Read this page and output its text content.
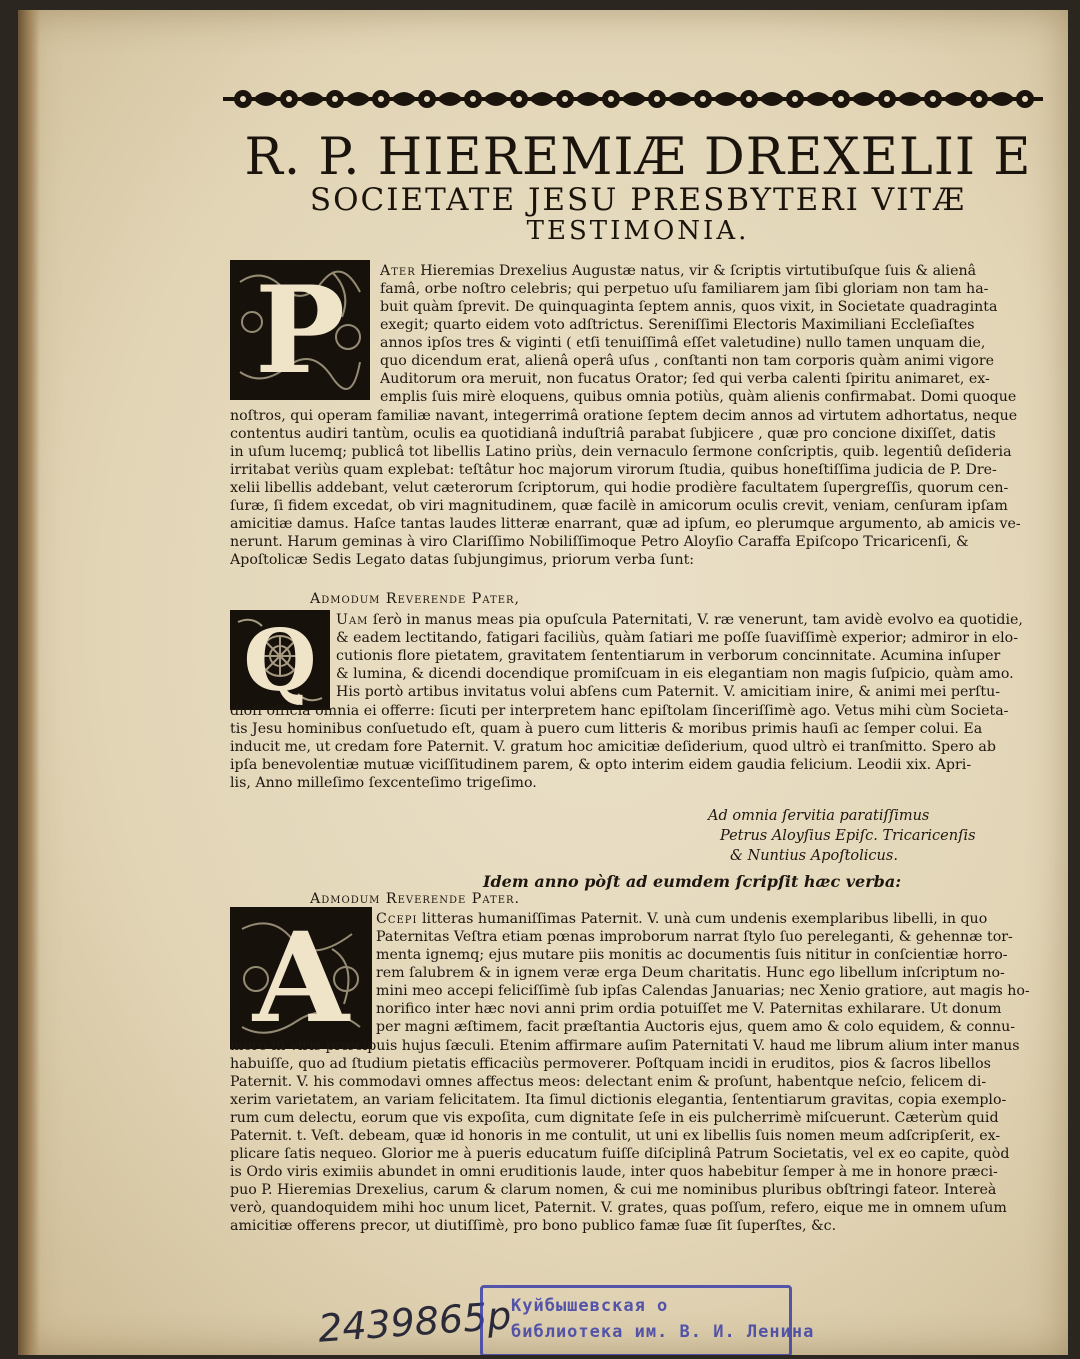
R. P. HIEREMIÆ DREXELII E
SOCIETATE JESU PRESBYTERI VITÆ
TESTIMONIA.
P
Q
A
Ater Hieremias Drexelius Augustæ natus, vir & ſcriptis virtutibuſque ſuis & alienâ
famâ, orbe noſtro celebris; qui perpetuo uſu familiarem jam ſibi gloriam non tam ha-
buit quàm ſprevit. De quinquaginta ſeptem annis, quos vixit, in Societate quadraginta
exegit; quarto eidem voto adſtrictus. Sereniſſimi Electoris Maximiliani Eccleſiaſtes
annos ipſos tres & viginti ( etſi tenuiſſimâ eſſet valetudine) nullo tamen unquam die,
quo dicendum erat, alienâ operâ uſus , conſtanti non tam corporis quàm animi vigore
Auditorum ora meruit, non fucatus Orator; ſed qui verba calenti ſpiritu animaret, ex-
emplis ſuis mirè eloquens, quibus omnia potiùs, quàm alienis confirmabat. Domi quoque
noſtros, qui operam familiæ navant, integerrimâ oratione ſeptem decim annos ad virtutem adhortatus, neque
contentus audiri tantùm, oculis ea quotidianâ induſtriâ parabat ſubjicere , quæ pro concione dixiſſet, datis
in uſum lucemq; publicâ tot libellis Latino priùs, dein vernaculo ſermone conſcriptis, quib. legentiû deſideria
irritabat veriùs quam explebat: teſtâtur hoc majorum virorum ſtudia, quibus honeſtiſſima judicia de P. Dre-
xelii libellis addebant, velut cæterorum ſcriptorum, qui hodie prodière facultatem ſupergreſſis, quorum cen-
ſuræ, ſi fidem excedat, ob viri magnitudinem, quæ facilè in amicorum oculis crevit, veniam, cenſuram ipſam
amicitiæ damus. Haſce tantas laudes litteræ enarrant, quæ ad ipſum, eo plerumque argumento, ab amicis ve-
nerunt. Harum geminas à viro Clariſſimo Nobiliſſimoque Petro Aloyſio Caraffa Epiſcopo Tricaricenſi, &
Apoſtolicæ Sedis Legato datas ſubjungimus, priorum verba ſunt:
Admodum Reverende Pater,
Uam ſerò in manus meas pia opuſcula Paternitati, V. ræ venerunt, tam avidè evolvo ea quotidie,
& eadem lectitando, fatigari faciliùs, quàm ſatiari me poſſe ſuaviſſimè experior; admiror in elo-
cutionis flore pietatem, gravitatem ſententiarum in verborum concinnitate. Acumina inſuper
& lumina, & dicendi docendique promiſcuam in eis elegantiam non magis ſuſpicio, quàm amo.
His portò artibus invitatus volui abſens cum Paternit. V. amicitiam inire, & animi mei perſtu-
dioſi officia omnia ei offerre: ſicuti per interpretem hanc epiſtolam ſinceriſſimè ago. Vetus mihi cùm Societa-
tis Jesu hominibus conſuetudo eſt, quam à puero cum litteris & moribus primis hauſi ac ſemper colui. Ea
inducit me, ut credam fore Paternit. V. gratum hoc amicitiæ deſiderium, quod ultrò ei tranſmitto. Spero ab
ipſa benevolentiæ mutuæ viciſſitudinem parem, & opto interim eidem gaudia felicium. Leodii xix. Apri-
lis, Anno milleſimo ſexcenteſimo trigeſimo.
Ad omnia ſervitia paratiſſimus
Petrus Aloyſius Epiſc. Tricaricenſis
& Nuntius Apoſtolicus.
Idem anno pòſt ad eumdem ſcripſit hæc verba:
Admodum Reverende Pater.
Ccepi litteras humaniſſimas Paternit. V. unà cum undenis exemplaribus libelli, in quo
Paternitas Veſtra etiam pœnas improborum narrat ſtylo ſuo pereleganti, & gehennæ tor-
menta ignemq; ejus mutare piis monitis ac documentis ſuis nititur in conſcientiæ horro-
rem ſalubrem & in ignem veræ erga Deum charitatis. Hunc ego libellum inſcriptum no-
mini meo accepi feliciſſimè ſub ipſas Calendas Januarias; nec Xenio gratiore, aut magis ho-
norifico inter hæc novi anni prim ordia potuiſſet me V. Paternitas exhilarare. Ut donum
per magni æſtimem, facit præſtantia Auctoris ejus, quem amo & colo equidem, & connu-
mero in viris præcipuis hujus ſæculi. Etenim affirmare auſim Paternitati V. haud me librum alium inter manus
habuiſſe, quo ad ſtudium pietatis efficaciùs permoverer. Poſtquam incidi in eruditos, pios & ſacros libellos
Paternit. V. his commodavi omnes affectus meos: delectant enim & proſunt, habentque neſcio, felicem di-
xerim varietatem, an variam felicitatem. Ita ſimul dictionis elegantia, ſententiarum gravitas, copia exemplo-
rum cum delectu, eorum que vis expoſita, cum dignitate ſeſe in eis pulcherrimè miſcuerunt. Cæterùm quid
Paternit. t. Veſt. debeam, quæ id honoris in me contulit, ut uni ex libellis ſuis nomen meum adſcripſerit, ex-
plicare ſatis nequeo. Glorior me à pueris educatum fuiſſe diſciplinâ Patrum Societatis, vel ex eo capite, quòd
is Ordo viris eximiis abundet in omni eruditionis laude, inter quos habebitur ſemper à me in honore præci-
puo P. Hieremias Drexelius, carum & clarum nomen, & cui me nominibus pluribus obſtringi fateor. Intereà
verò, quandoquidem mihi hoc unum licet, Paternit. V. grates, quas poſſum, refero, eique me in omnem uſum
amicitiæ offerens precor, ut diutiſſimè, pro bono publico famæ ſuæ ſit ſuperſtes, &c.
2439865р
Куйбышевская о
библиотека им. В. И. Ленина
